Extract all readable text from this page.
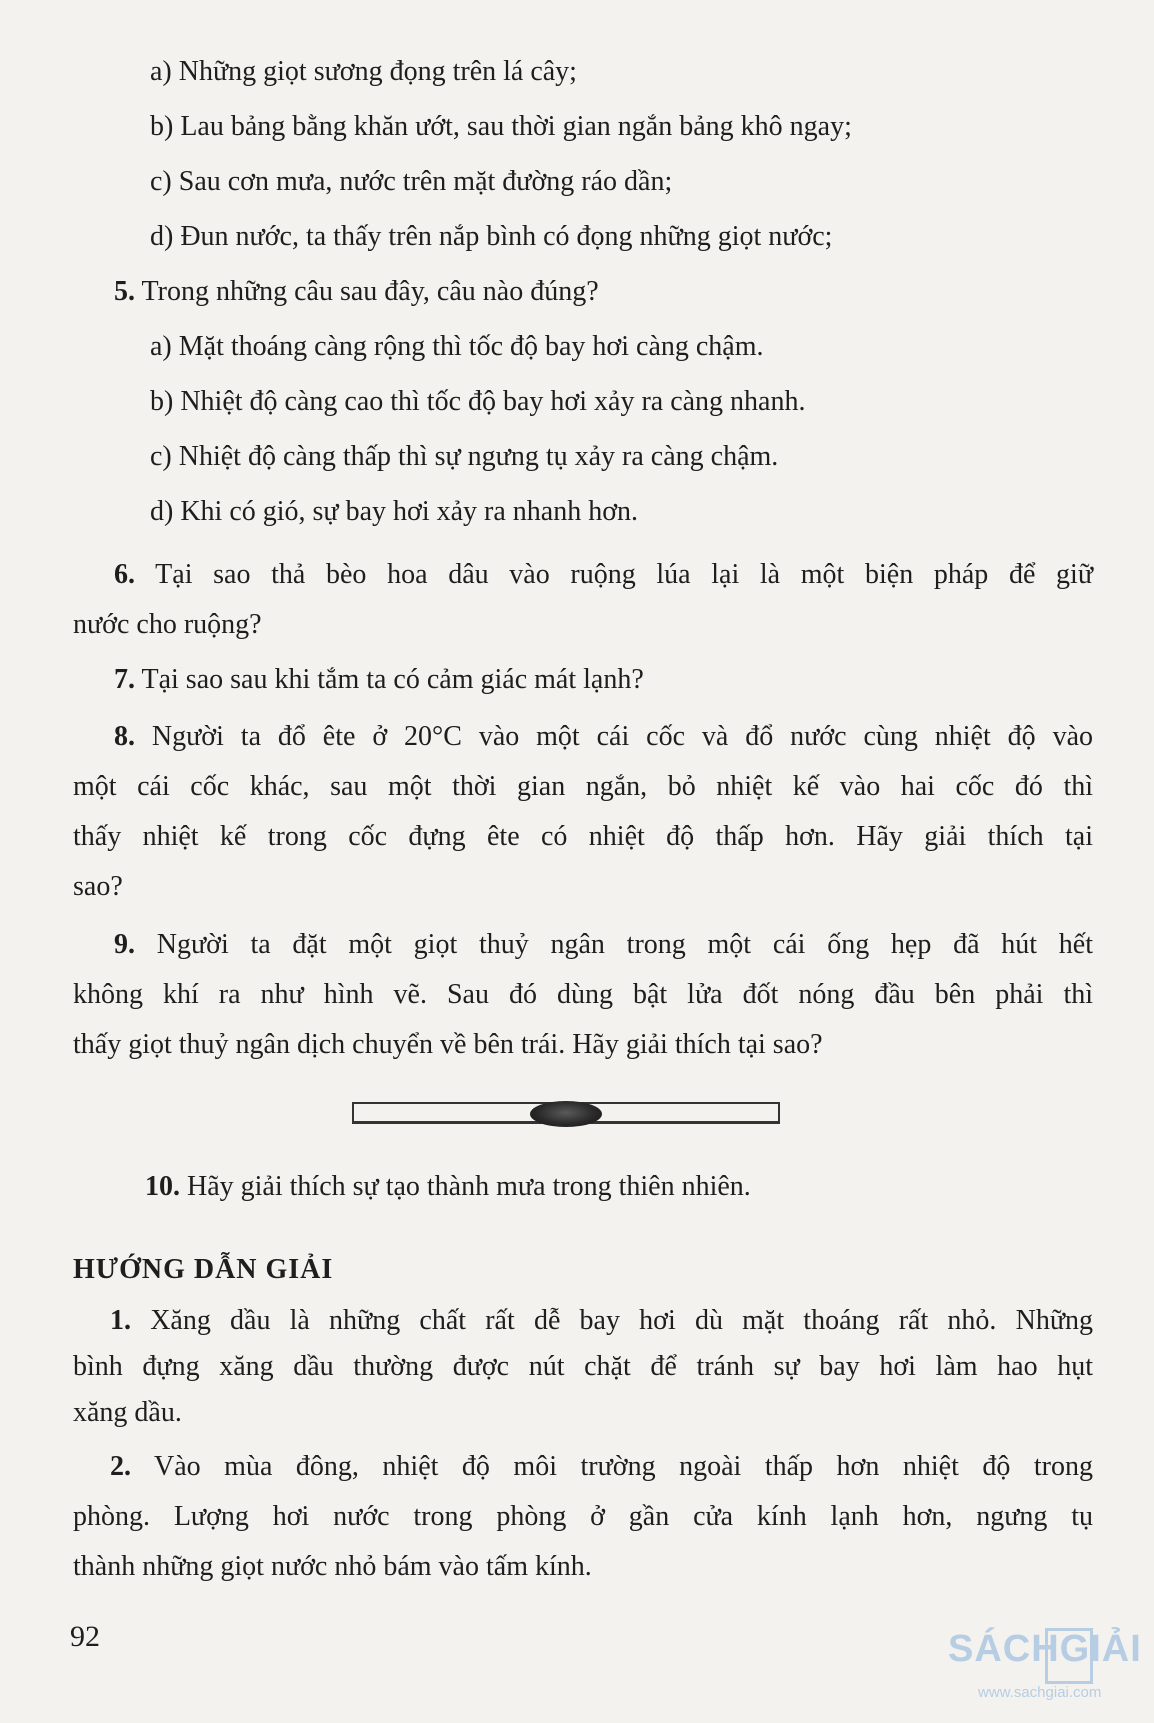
a) Những giọt sương đọng trên lá cây;
b) Lau bảng bằng khăn ướt, sau thời gian ngắn bảng khô ngay;
c) Sau cơn mưa, nước trên mặt đường ráo dần;
d) Đun nước, ta thấy trên nắp bình có đọng những giọt nước;
5. Trong những câu sau đây, câu nào đúng?
a) Mặt thoáng càng rộng thì tốc độ bay hơi càng chậm.
b) Nhiệt độ càng cao thì tốc độ bay hơi xảy ra càng nhanh.
c) Nhiệt độ càng thấp thì sự ngưng tụ xảy ra càng chậm.
d) Khi có gió, sự bay hơi xảy ra nhanh hơn.
6. Tại sao thả bèo hoa dâu vào ruộng lúa lại là một biện pháp để giữ
nước cho ruộng?
7. Tại sao sau khi tắm ta có cảm giác mát lạnh?
8. Người ta đổ ête ở 20°C vào một cái cốc và đổ nước cùng nhiệt độ vào
một cái cốc khác, sau một thời gian ngắn, bỏ nhiệt kế vào hai cốc đó thì
thấy nhiệt kế trong cốc đựng ête có nhiệt độ thấp hơn. Hãy giải thích tại
sao?
9. Người ta đặt một giọt thuỷ ngân trong một cái ống hẹp đã hút hết
không khí ra như hình vẽ. Sau đó dùng bật lửa đốt nóng đầu bên phải thì
thấy giọt thuỷ ngân dịch chuyển về bên trái. Hãy giải thích tại sao?
10. Hãy giải thích sự tạo thành mưa trong thiên nhiên.
HƯỚNG DẪN GIẢI
1. Xăng dầu là những chất rất dễ bay hơi dù mặt thoáng rất nhỏ. Những
bình đựng xăng dầu thường được nút chặt để tránh sự bay hơi làm hao hụt
xăng dầu.
2. Vào mùa đông, nhiệt độ môi trường ngoài thấp hơn nhiệt độ trong
phòng. Lượng hơi nước trong phòng ở gần cửa kính lạnh hơn, ngưng tụ
thành những giọt nước nhỏ bám vào tấm kính.
92	SÁCHGIẢI
www.sachgiai.com
